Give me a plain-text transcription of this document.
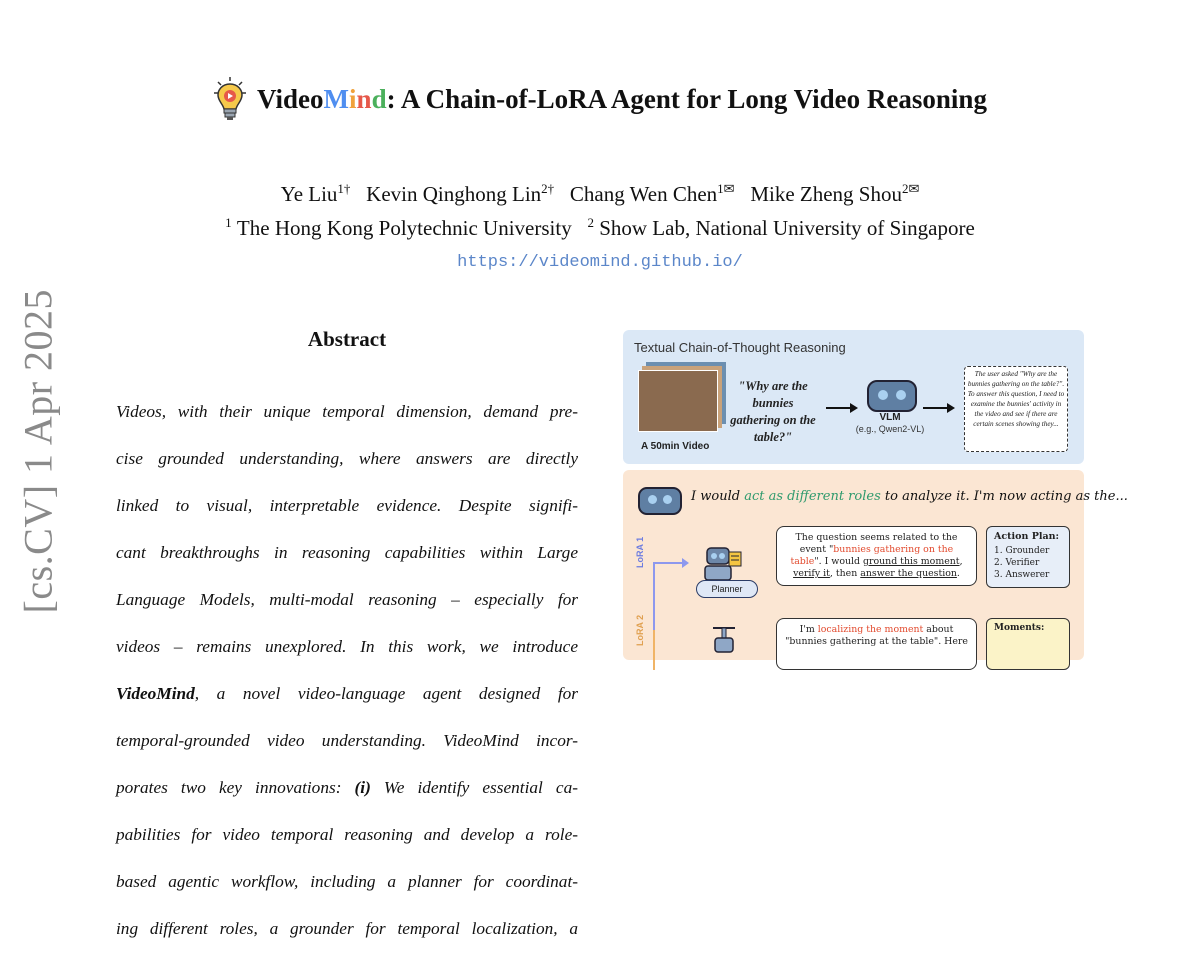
[cs.CV] 1 Apr 2025
VideoMind: A Chain-of-LoRA Agent for Long Video Reasoning
Ye Liu$^{1\dagger}$ Kevin Qinghong Lin$^{2\dagger}$ Chang Wen Chen$^{1✉}$ Mike Zheng Shou$^{2✉}$
$^1$ The Hong Kong Polytechnic University $^2$ Show Lab, National University of Singapore
https://videomind.github.io/
Abstract

Videos, with their unique temporal dimension, demand pre-

cise grounded understanding, where answers are directly

linked to visual, interpretable evidence. Despite signifi-

cant breakthroughs in reasoning capabilities within Large

Language Models, multi-modal reasoning – especially for

videos – remains unexplored. In this work, we introduce

VideoMind, a novel video-language agent designed for

temporal-grounded video understanding. VideoMind incor-

porates two key innovations: (i) We identify essential ca-

pabilities for video temporal reasoning and develop a role-

based agentic workflow, including a planner for coordinat-

ing different roles, a grounder for temporal localization, a

Textual Chain-of-Thought Reasoning
A 50min Video
"Why are the bunnies gathering on the table?"
VLM
(e.g., Qwen2-VL)
The user asked "Why are the bunnies gathering on the table?". To answer this question, I need to examine the bunnies' activity in the video and see if there are certain scenes showing they...
I would act as different roles to analyze it. I'm now acting as the...
LoRA 1
LoRA 2
Planner
The question seems related to the event "bunnies gathering on the table". I would ground this moment, verify it, then answer the question.
Action Plan:
1. Grounder
2. Verifier
3. Answerer
I'm localizing the moment about "bunnies gathering at the table". Here
Moments:
